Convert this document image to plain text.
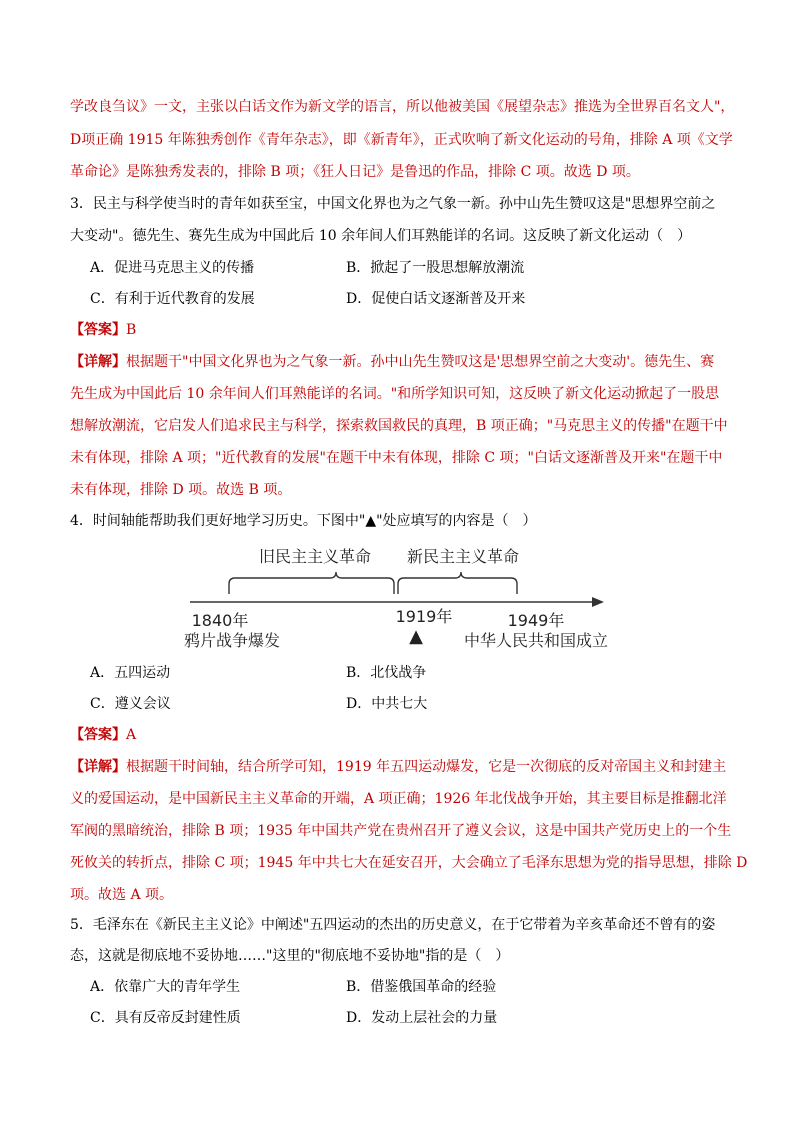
学改良刍议》一文，主张以白话文作为新文学的语言，所以他被美国《展望杂志》推选为全世界百名文人"，
D项正确 1915 年陈独秀创作《青年杂志》，即《新青年》，正式吹响了新文化运动的号角，排除 A 项《文学
革命论》是陈独秀发表的，排除 B 项；《狂人日记》是鲁迅的作品，排除 C 项。故选 D 项。
3．民主与科学使当时的青年如获至宝，中国文化界也为之气象一新。孙中山先生赞叹这是"思想界空前之
大变动"。德先生、赛先生成为中国此后 10 余年间人们耳熟能详的名词。这反映了新文化运动（　）
A．促进马克思主义的传播	B．掀起了一股思想解放潮流
C．有利于近代教育的发展	D．促使白话文逐渐普及开来
【答案】B
【详解】根据题干"中国文化界也为之气象一新。孙中山先生赞叹这是'思想界空前之大变动'。德先生、赛
先生成为中国此后 10 余年间人们耳熟能详的名词。"和所学知识可知，这反映了新文化运动掀起了一股思
想解放潮流，它启发人们追求民主与科学，探索救国救民的真理，B 项正确；"马克思主义的传播"在题干中
未有体现，排除 A 项；"近代教育的发展"在题干中未有体现，排除 C 项；"白话文逐渐普及开来"在题干中
未有体现，排除 D 项。故选 B 项。
4．时间轴能帮助我们更好地学习历史。下图中"▲"处应填写的内容是（　）
旧民主主义革命 新民主主义革命
1840年
鸦片战争爆发
1919年
▲
1949年
中华人民共和国成立
A．五四运动	B．北伐战争
C．遵义会议	D．中共七大
【答案】A
【详解】根据题干时间轴，结合所学可知，1919 年五四运动爆发，它是一次彻底的反对帝国主义和封建主
义的爱国运动，是中国新民主主义革命的开端，A 项正确；1926 年北伐战争开始，其主要目标是推翻北洋
军阀的黑暗统治，排除 B 项；1935 年中国共产党在贵州召开了遵义会议，这是中国共产党历史上的一个生
死攸关的转折点，排除 C 项；1945 年中共七大在延安召开，大会确立了毛泽东思想为党的指导思想，排除 D
项。故选 A 项。
5．毛泽东在《新民主主义论》中阐述"五四运动的杰出的历史意义，在于它带着为辛亥革命还不曾有的姿
态，这就是彻底地不妥协地……"这里的"彻底地不妥协地"指的是（　）
A．依靠广大的青年学生	B．借鉴俄国革命的经验
C．具有反帝反封建性质	D．发动上层社会的力量
